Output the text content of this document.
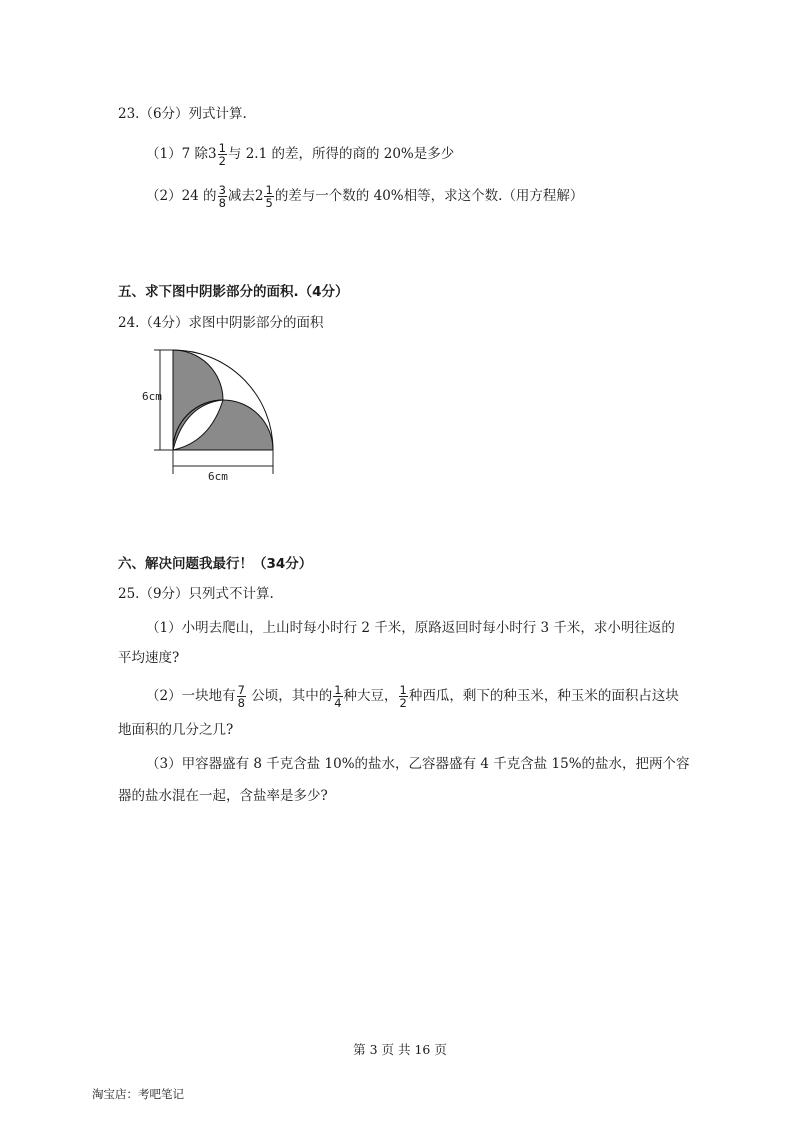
23.（6分）列式计算.
（1）7 除$3 \frac{1}{2}$ 与 2.1 的差，所得的商的 20%是多少
（2）24 的 $\frac{3}{8}$ 减去$2 \frac{1}{5}$ 的差与一个数的 40%相等，求这个数.（用方程解）
五、求下图中阴影部分的面积.（4分）
24.（4分）求图中阴影部分的面积
6cm
6cm
六、解决问题我最行！（34分）
25.（9分）只列式不计算.
（1）小明去爬山，上山时每小时行 2 千米，原路返回时每小时行 3 千米，求小明往返的
平均速度?
（2）一块地有 $\frac{7}{8}$ 公顷，其中的 $\frac{1}{4}$ 种大豆， $\frac{1}{2}$ 种西瓜，剩下的种玉米，种玉米的面积占这块
地面积的几分之几?
（3）甲容器盛有 8 千克含盐 10%的盐水，乙容器盛有 4 千克含盐 15%的盐水，把两个容
器的盐水混在一起，含盐率是多少?
第 3 页 共 16 页
淘宝店：考吧笔记
